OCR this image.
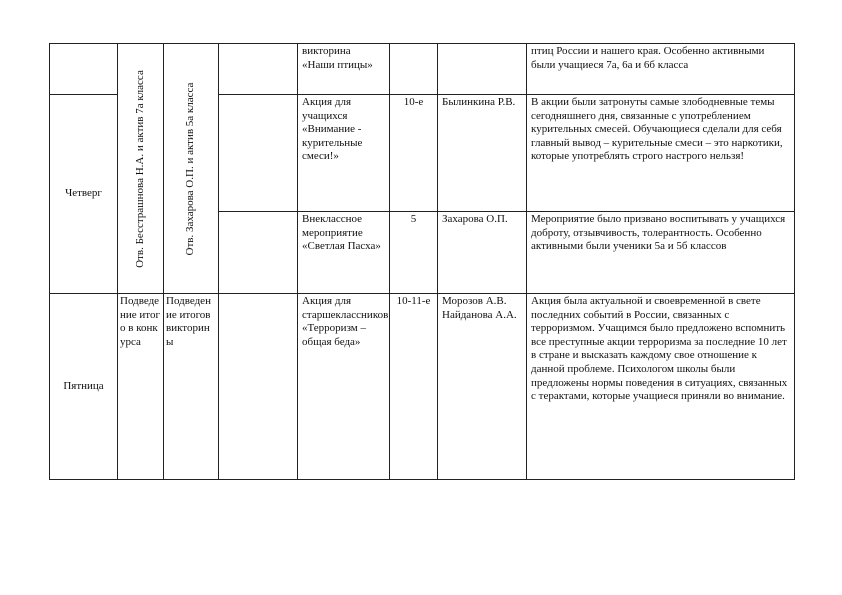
	Отв. Бесстрашнова Н.А. и актив 7а класса	Отв. Захарова О.П. и актив 5а класса		викторина «Наши птицы»			птиц России и нашего края. Особенно активными были учащиеся 7а, 6а и 6б класса
Четверг				Акция для учащихся «Внимание - курительные смеси!»	10-е	Былинкина Р.В.	В акции были затронуты самые злободневные темы сегодняшнего дня, связанные с употреблением курительных смесей. Обучающиеся сделали для себя главный вывод – курительные смеси – это наркотики, которые употреблять строго настрого нельзя!
				Внеклассное мероприятие «Светлая Пасха»	5	Захарова О.П.	Мероприятие было призвано воспитывать у учащихся доброту, отзывчивость, толерантность. Особенно активными были ученики 5а и 5б классов
Пятница	Подведение итого в конкурса	Подведение итогов викторины		Акция для старшеклассников «Терроризм – общая беда»	10-11-е	Морозов А.В. Найданова А.А.	Акция была актуальной и своевременной в свете последних событий в России, связанных с терроризмом. Учащимся было предложено вспомнить все преступные акции терроризма за последние 10 лет в стране и высказать каждому свое отношение к данной проблеме. Психологом школы были предложены нормы поведения в ситуациях, связанных с терактами, которые учащиеся приняли во внимание.
